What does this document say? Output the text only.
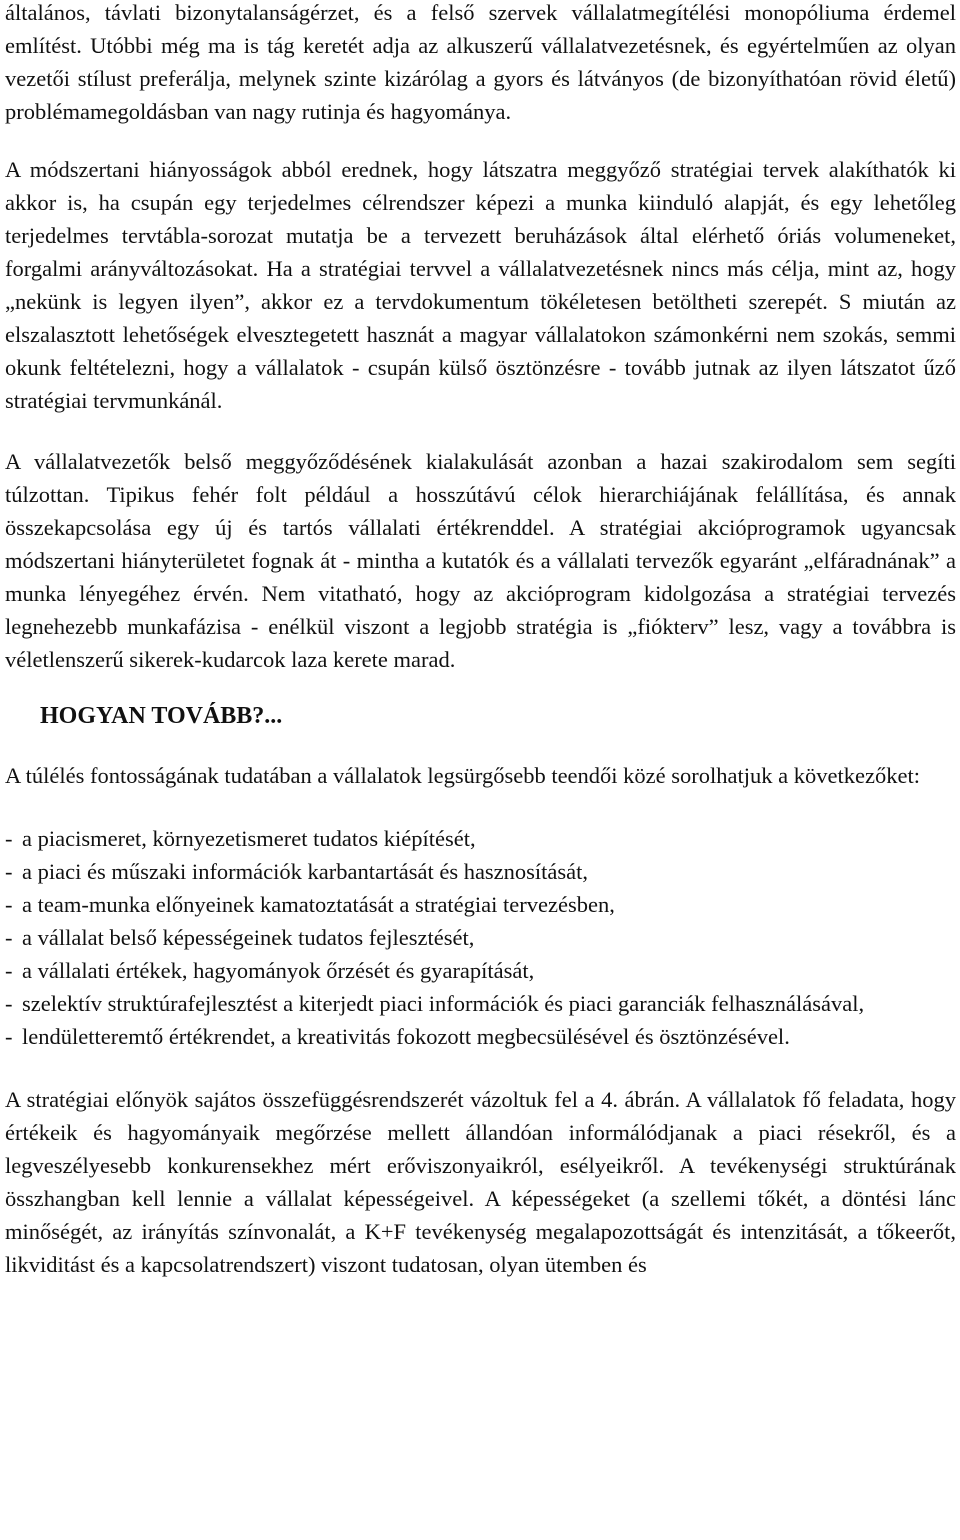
általános, távlati bizonytalanságérzet, és a felső szervek vállalatmegítélési monopóliuma érdemel említést. Utóbbi még ma is tág keretét adja az alkuszerű vállalatvezetésnek, és egyértelműen az olyan vezetői stílust preferálja, melynek szinte kizárólag a gyors és látványos (de bizonyíthatóan rövid életű) problémamegoldásban van nagy rutinja és hagyománya.

A módszertani hiányosságok abból erednek, hogy látszatra meggyőző stratégiai tervek alakíthatók ki akkor is, ha csupán egy terjedelmes célrendszer képezi a munka kiinduló alapját, és egy lehetőleg terjedelmes tervtábla-sorozat mutatja be a tervezett beruházások által elérhető óriás volumeneket, forgalmi arányváltozásokat. Ha a stratégiai tervvel a vállalatvezetésnek nincs más célja, mint az, hogy „nekünk is legyen ilyen”, akkor ez a tervdokumentum tökéletesen betöltheti szerepét. S miután az elszalasztott lehetőségek elvesztegetett hasznát a magyar vállalatokon számonkérni nem szokás, semmi okunk feltételezni, hogy a vállalatok - csupán külső ösztönzésre - tovább jutnak az ilyen látszatot űző stratégiai tervmunkánál.

A vállalatvezetők belső meggyőződésének kialakulását azonban a hazai szakirodalom sem segíti túlzottan. Tipikus fehér folt például a hosszútávú célok hierarchiájának felállítása, és annak összekapcsolása egy új és tartós vállalati értékrenddel. A stratégiai akcióprogramok ugyancsak módszertani hiányterületet fognak át - mintha a kutatók és a vállalati tervezők egyaránt „elfáradnának” a munka lényegéhez érvén. Nem vitatható, hogy az akcióprogram kidolgozása a stratégiai tervezés legnehezebb munkafázisa - enélkül viszont a legjobb stratégia is „fiókterv” lesz, vagy a továbbra is véletlenszerű sikerek-kudarcok laza kerete marad.

HOGYAN TOVÁBB?...

A túlélés fontosságának tudatában a vállalatok legsürgősebb teendői közé sorolhatjuk a következőket:

- a piacismeret, környezetismeret tudatos kiépítését,
- a piaci és műszaki információk karbantartását és hasznosítását,
- a team-munka előnyeinek kamatoztatását a stratégiai tervezésben,
- a vállalat belső képességeinek tudatos fejlesztését,
- a vállalati értékek, hagyományok őrzését és gyarapítását,
- szelektív struktúrafejlesztést a kiterjedt piaci információk és piaci garanciák felhasználásával,
- lendületteremtő értékrendet, a kreativitás fokozott megbecsülésével és ösztönzésével.

A stratégiai előnyök sajátos összefüggésrendszerét vázoltuk fel a 4. ábrán. A vállalatok fő feladata, hogy értékeik és hagyományaik megőrzése mellett állandóan informálódjanak a piaci résekről, és a legveszélyesebb konkurensekhez mért erőviszonyaikról, esélyeikről. A tevékenységi struktúrának összhangban kell lennie a vállalat képességeivel. A képességeket (a szellemi tőkét, a döntési lánc minőségét, az irányítás színvonalát, a K+F tevékenység megalapozottságát és intenzitását, a tőkeerőt, likviditást és a kapcsolatrendszert) viszont tudatosan, olyan ütemben és
